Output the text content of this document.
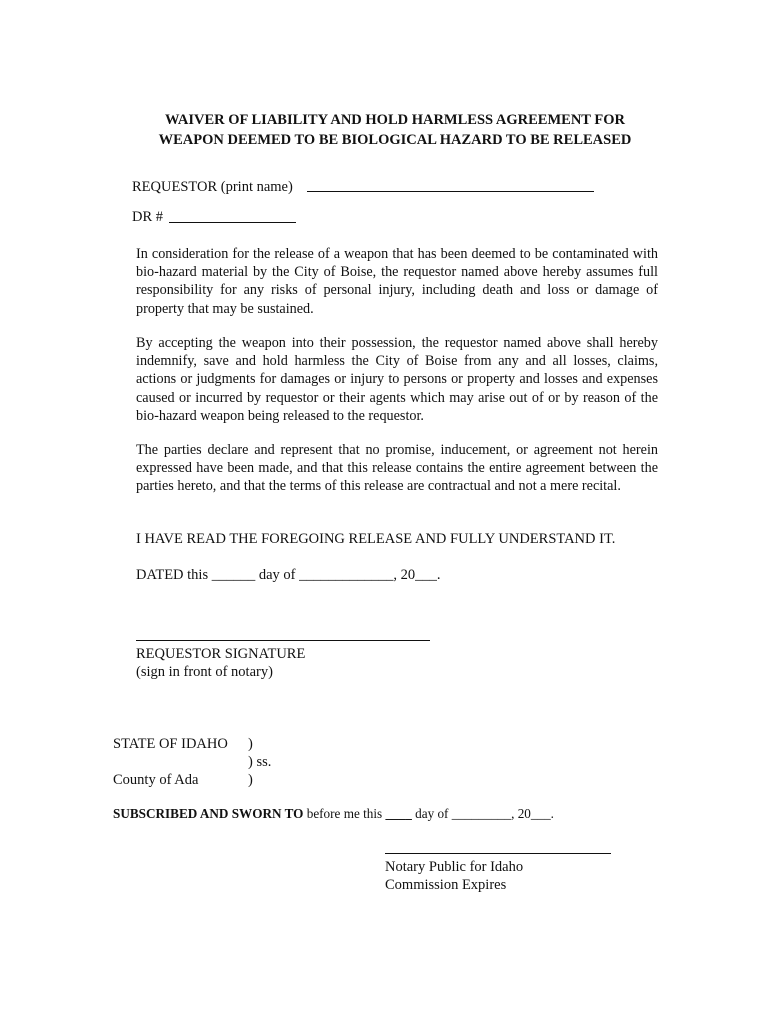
WAIVER OF LIABILITY AND HOLD HARMLESS AGREEMENT FOR
WEAPON DEEMED TO BE BIOLOGICAL HAZARD TO BE RELEASED
REQUESTOR (print name)
DR #
In consideration for the release of a weapon that has been deemed to be contaminated with bio-hazard material by the City of Boise, the requestor named above hereby assumes full responsibility for any risks of personal injury, including death and loss or damage of property that may be sustained.
By accepting the weapon into their possession, the requestor named above shall hereby indemnify, save and hold harmless the City of Boise from any and all losses, claims, actions or judgments for damages or injury to persons or property and losses and expenses caused or incurred by requestor or their agents which may arise out of or by reason of the bio-hazard weapon being released to the requestor.
The parties declare and represent that no promise, inducement, or agreement not herein expressed have been made, and that this release contains the entire agreement between the parties hereto, and that the terms of this release are contractual and not a mere recital.
I HAVE READ THE FOREGOING RELEASE AND FULLY UNDERSTAND IT.
DATED this ______ day of _____________, 20___.
REQUESTOR SIGNATURE
(sign in front of notary)
STATE OF IDAHO )
) ss.
County of Ada	)
SUBSCRIBED AND SWORN TO before me this ____ day of _________, 20___.
Notary Public for Idaho
Commission Expires
